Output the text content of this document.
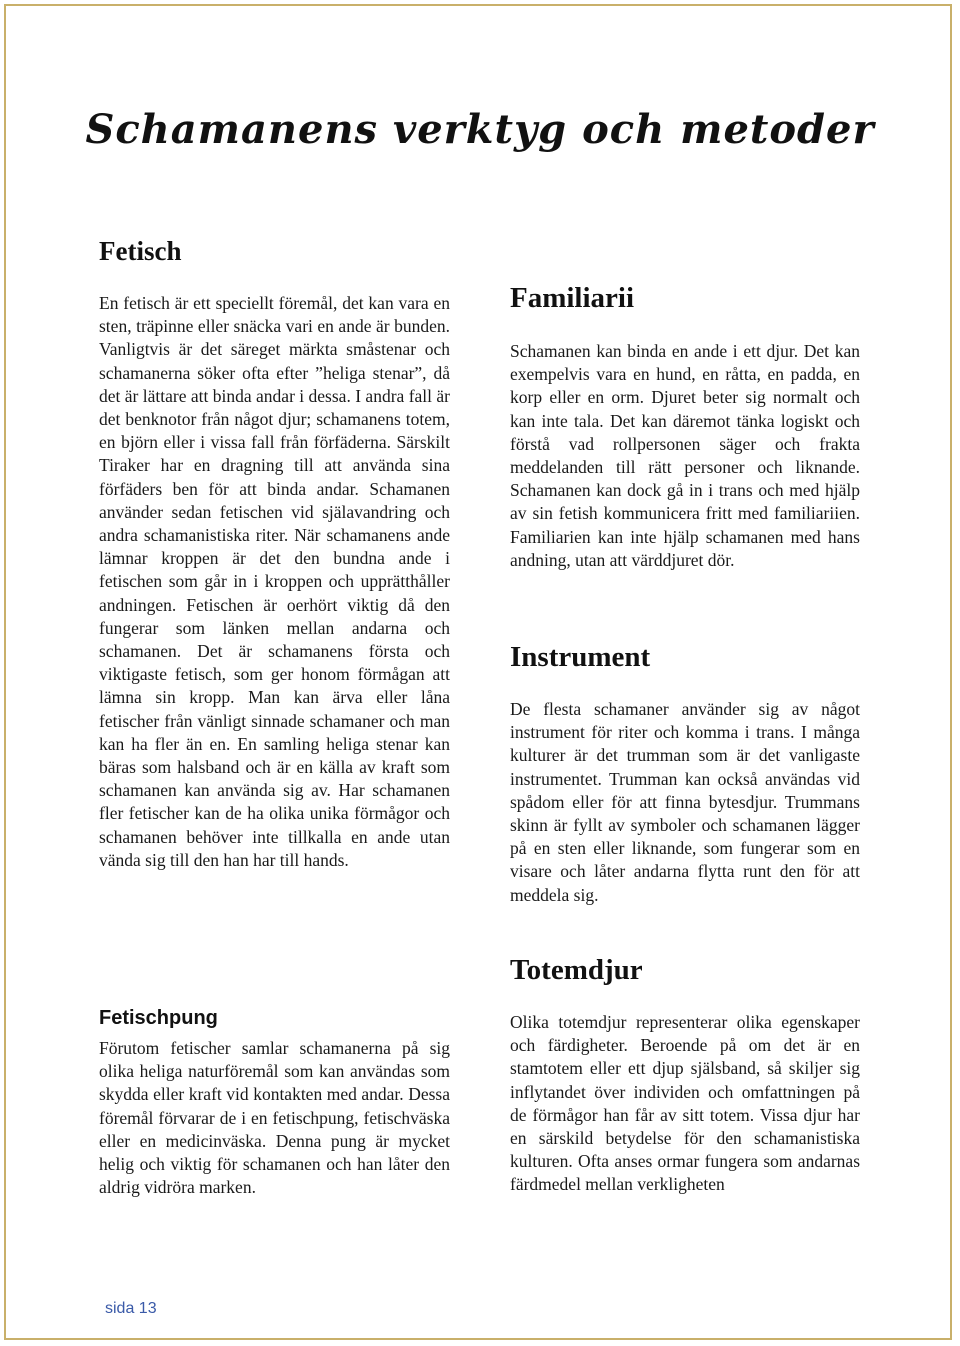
Schamanens verktyg och metoder
Fetisch

En fetisch är ett speciellt föremål, det kan vara en sten, träpinne eller snäcka vari en ande är bunden. Vanligtvis är det säreget märkta småstenar och schamanerna söker ofta efter ”heliga stenar”, då det är lättare att binda andar i dessa. I andra fall är det benknotor från något djur; schamanens totem, en björn eller i vissa fall från förfäderna. Särskilt Tiraker har en dragning till att använda sina förfäders ben för att binda andar. Schamanen använder sedan fetischen vid själavandring och andra schamanistiska riter. När schamanens ande lämnar kroppen är det den bundna ande i fetischen som går in i kroppen och upprätthåller andningen. Fetischen är oerhört viktig då den fungerar som länken mellan andarna och schamanen. Det är schamanens första och viktigaste fetisch, som ger honom förmågan att lämna sin kropp. Man kan ärva eller låna fetischer från vänligt sinnade schamaner och man kan ha fler än en. En samling heliga stenar kan bäras som halsband och är en källa av kraft som schamanen kan använda sig av. Har schamanen fler fetischer kan de ha olika unika förmågor och schamanen behöver inte tillkalla en ande utan vända sig till den han har till hands.

Fetischpung

Förutom fetischer samlar schamanerna på sig olika heliga naturföremål som kan användas som skydda eller kraft vid kontakten med andar. Dessa föremål förvarar de i en fetischpung, fetischväska eller en medicinväska. Denna pung är mycket helig och viktig för schamanen och han låter den aldrig vidröra marken.

Familiarii

Schamanen kan binda en ande i ett djur. Det kan exempelvis vara en hund, en råtta, en padda, en korp eller en orm. Djuret beter sig normalt och kan inte tala. Det kan däremot tänka logiskt och förstå vad rollpersonen säger och frakta meddelanden till rätt personer och liknande. Schamanen kan dock gå in i trans och med hjälp av sin fetish kommunicera fritt med familiariien. Familiarien kan inte hjälp schamanen med hans andning, utan att värddjuret dör.

Instrument

De flesta schamaner använder sig av något instrument för riter och komma i trans. I många kulturer är det trumman som är det vanligaste instrumentet. Trumman kan också användas vid spådom eller för att finna bytesdjur. Trummans skinn är fyllt av symboler och schamanen lägger på en sten eller liknande, som fungerar som en visare och låter andarna flytta runt den för att meddela sig.

Totemdjur

Olika totemdjur representerar olika egenskaper och färdigheter. Beroende på om det är en stamtotem eller ett djup själsband, så skiljer sig inflytandet över individen och omfattningen på de förmågor han får av sitt totem. Vissa djur har en särskild betydelse för den schamanistiska kulturen. Ofta anses ormar fungera som andarnas färdmedel mellan verkligheten

sida 13
